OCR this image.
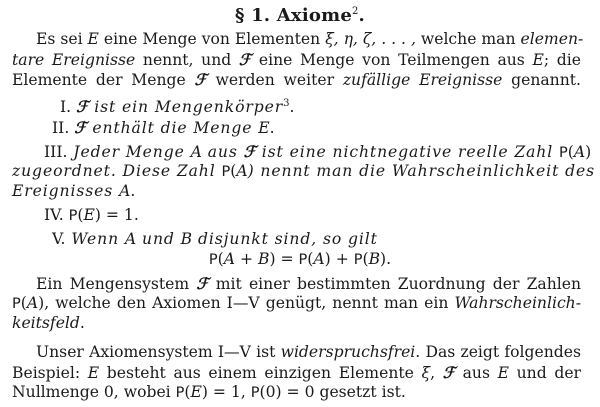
§ 1. Axiome$^2$.
Es sei E eine Menge von Elementen ξ, η, ζ, . . . , welche man elemen-
tare Ereignisse nennt, und ℱ eine Menge von Teilmengen aus E; die
Elemente der Menge ℱ werden weiter zufällige Ereignisse genannt.
I. ℱ ist ein Mengenkörper$^3$.
II. ℱ enthält die Menge E.
III. Jeder Menge A aus ℱ ist eine nichtnegative reelle Zahl P(A)
zugeordnet. Diese Zahl P(A) nennt man die Wahrscheinlichkeit des
Ereignisses A.
IV. P(E) = 1.
V. Wenn A und B disjunkt sind, so gilt
P(A + B) = P(A) + P(B).
Ein Mengensystem ℱ mit einer bestimmten Zuordnung der Zahlen
P(A), welche den Axiomen I—V genügt, nennt man ein Wahrscheinlich-
keitsfeld.
Unser Axiomensystem I—V ist widerspruchsfrei. Das zeigt folgendes
Beispiel: E besteht aus einem einzigen Elemente ξ, ℱ aus E und der
Nullmenge 0, wobei P(E) = 1, P(0) = 0 gesetzt ist.
